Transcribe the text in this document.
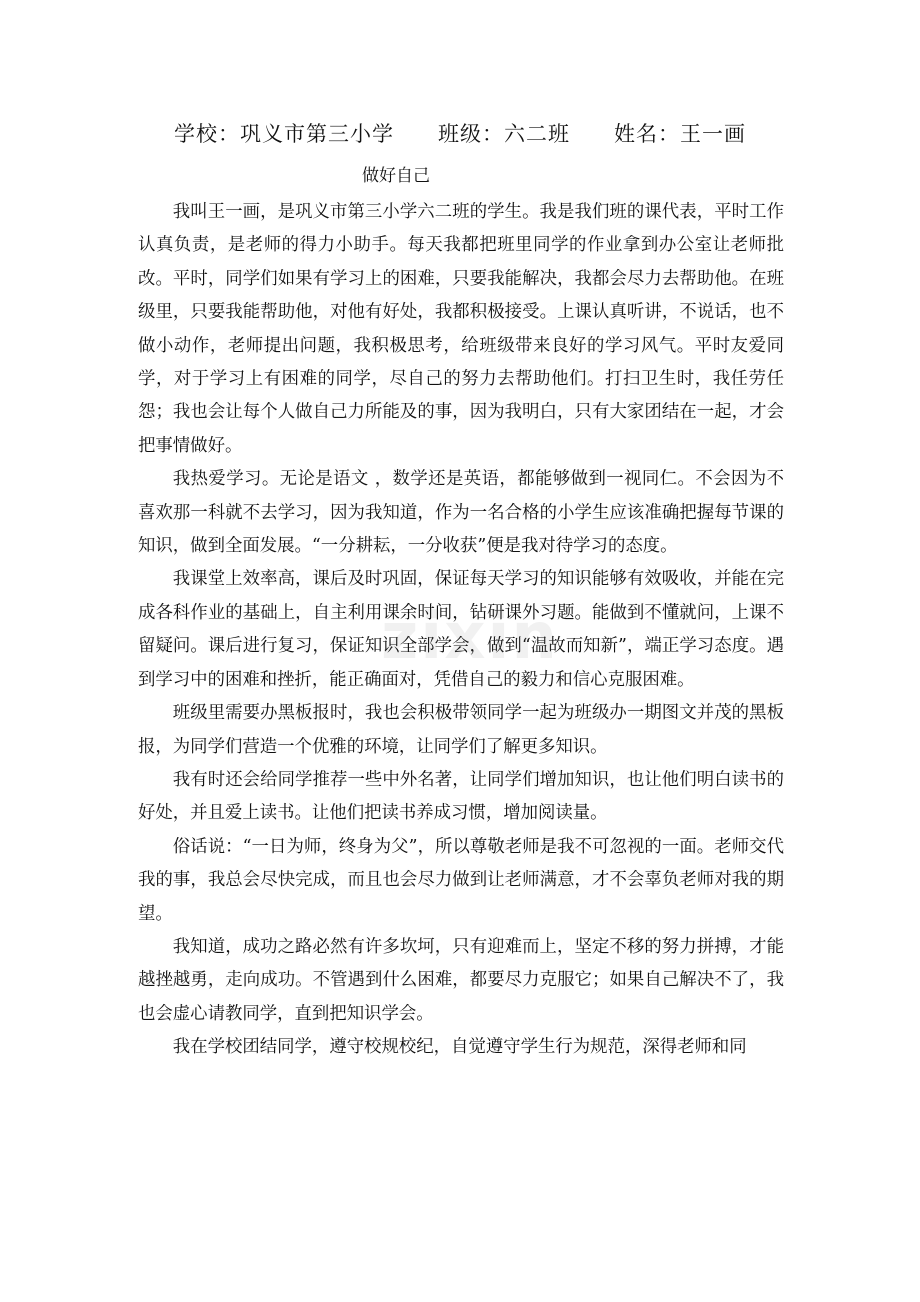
学校：巩义市第三小学 班级：六二班 姓名：王一画
做好自己

我叫王一画，是巩义市第三小学六二班的学生。我是我们班的课代表，平时工作认真负责，是老师的得力小助手。每天我都把班里同学的作业拿到办公室让老师批改。平时，同学们如果有学习上的困难，只要我能解决，我都会尽力去帮助他。在班级里，只要我能帮助他，对他有好处，我都积极接受。上课认真听讲，不说话，也不做小动作，老师提出问题，我积极思考，给班级带来良好的学习风气。平时友爱同学，对于学习上有困难的同学，尽自己的努力去帮助他们。打扫卫生时，我任劳任怨；我也会让每个人做自己力所能及的事，因为我明白，只有大家团结在一起，才会把事情做好。

我热爱学习。无论是语文 ，数学还是英语，都能够做到一视同仁。不会因为不喜欢那一科就不去学习，因为我知道，作为一名合格的小学生应该准确把握每节课的知识，做到全面发展。“一分耕耘，一分收获”便是我对待学习的态度。

我课堂上效率高，课后及时巩固，保证每天学习的知识能够有效吸收，并能在完成各科作业的基础上，自主利用课余时间，钻研课外习题。能做到不懂就问，上课不留疑问。课后进行复习，保证知识全部学会，做到“温故而知新”，端正学习态度。遇到学习中的困难和挫折，能正确面对，凭借自己的毅力和信心克服困难。

班级里需要办黑板报时，我也会积极带领同学一起为班级办一期图文并茂的黑板报，为同学们营造一个优雅的环境，让同学们了解更多知识。

我有时还会给同学推荐一些中外名著，让同学们增加知识，也让他们明白读书的好处，并且爱上读书。让他们把读书养成习惯，增加阅读量。

俗话说：“一日为师，终身为父”，所以尊敬老师是我不可忽视的一面。老师交代我的事，我总会尽快完成，而且也会尽力做到让老师满意，才不会辜负老师对我的期望。

我知道，成功之路必然有许多坎坷，只有迎难而上，坚定不移的努力拼搏，才能越挫越勇，走向成功。不管遇到什么困难，都要尽力克服它；如果自己解决不了，我也会虚心请教同学，直到把知识学会。

我在学校团结同学，遵守校规校纪，自觉遵守学生行为规范，深得老师和同

zixin
